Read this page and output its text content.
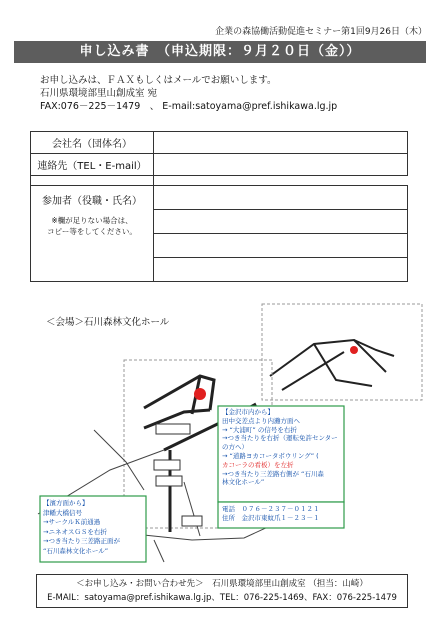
企業の森協働活動促進セミナー第1回9月26日（木）
申し込み書　（申込期限：９月２０日（金））
お申し込みは、ＦＡＸもしくはメールでお願いします。
石川県環境部里山創成室 宛
FAX:076－225－1479　、 E-mail:satoyama@pref.ishikawa.lg.jp
会社名（団体名）	
連絡先（TEL・E-mail）	

参加者（役職・氏名）
※欄が足りない場合は、
コピー等をしてください。	

＜会場＞石川森林文化ホール
【金沢市内から】
田中交差点より内灘方面へ
→ “大浦町” の信号を右折
→つき当たりを右折（運転免許センターの方へ）
→ “道路ヨカコータボウリング” (
カコーラの看板）を左折
→つき当たり三差路右側が “石川森
林文化ホール”
電話　０７６－２３７－０１２１
住所　金沢市東蚊爪１－２３－１
【濱方面から】
津幡大橋信号
→サークルＫ前通過
→ニネオスＧＳを右折
→つき当たり三差路正面が
“石川森林文化ホール”
＜お申し込み・お問い合わせ先＞　石川県環境部里山創成室 （担当：山崎）
E-MAIL：satoyama@pref.ishikawa.lg.jp、TEL：076-225-1469、FAX：076-225-1479
